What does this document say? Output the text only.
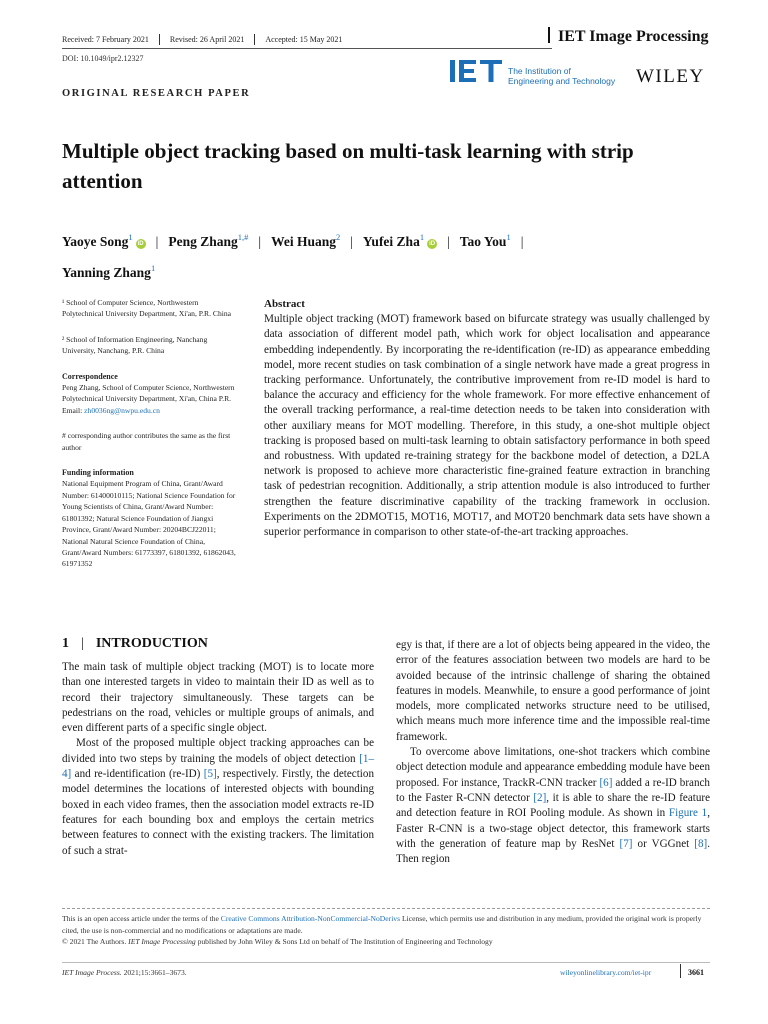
Received: 7 February 2021	Revised: 26 April 2021	Accepted: 15 May 2021	IET Image Processing
DOI: 10.1049/ipr2.12327
The Institution of
Engineering and Technology WILEY
ORIGINAL RESEARCH PAPER
Multiple object tracking based on multi-task learning with strip attention
Yaoye Song$^1$iD | Peng Zhang$^{1,\#}$ | Wei Huang$^2$ | Yufei Zha$^1$iD | Tao You$^1$ |
Yanning Zhang$^1$
¹ School of Computer Science, Northwestern Polytechnical University Department, Xi'an, P.R. China
² School of Information Engineering, Nanchang University, Nanchang, P.R. China
Correspondence
Peng Zhang, School of Computer Science, Northwestern Polytechnical University Department, Xi'an, China P.R.
Email: zh0036ng@nwpu.edu.cn
# corresponding author contributes the same as the first author
Funding information
National Equipment Program of China, Grant/Award Number: 61400010115; National Science Foundation for Young Scientists of China, Grant/Award Number: 61801392; Natural Science Foundation of Jiangxi Province, Grant/Award Number: 20204BCJ22011; National Natural Science Foundation of China, Grant/Award Numbers: 61773397, 61801392, 61862043, 61971352
Abstract

Multiple object tracking (MOT) framework based on bifurcate strategy was usually challenged by data association of different model path, which work for object localisation and appearance embedding independently. By incorporating the re-identification (re-ID) as appearance embedding model, more recent studies on task combination of a single network have made a great progress in tracking performance. Unfortunately, the contributive improvement from re-ID model is hard to balance the accuracy and efficiency for the whole framework. For more effective enhancement of the overall tracking performance, a real-time detection needs to be taken into consideration with other auxiliary means for MOT modelling. Therefore, in this study, a one-shot multiple object tracking is proposed based on multi-task learning to obtain satisfactory performance in both speed and robustness. With updated re-training strategy for the backbone model of detection, a D2LA network is proposed to achieve more characteristic fine-grained feature extraction in branching task of pedestrian recognition. Additionally, a strip attention module is also introduced to further strengthen the feature discriminative capability of the tracking framework in occlusion. Experiments on the 2DMOT15, MOT16, MOT17, and MOT20 benchmark data sets have shown a superior performance in comparison to other state-of-the-art tracking approaches.

1 | INTRODUCTION

The main task of multiple object tracking (MOT) is to locate more than one interested targets in video to maintain their ID as well as to record their trajectory simultaneously. These targets can be pedestrians on the road, vehicles or multiple groups of animals, and even different parts of a specific single object.

Most of the proposed multiple object tracking approaches can be divided into two steps by training the models of object detection [1–4] and re-identification (re-ID) [5], respectively. Firstly, the detection model determines the locations of interested objects with bounding boxed in each video frames, then the association model extracts re-ID features for each bounding box and employs the certain metrics between features to connect with the existing trackers. The limitation of such a strat-

egy is that, if there are a lot of objects being appeared in the video, the error of the features association between two models are hard to be avoided because of the intrinsic challenge of sharing the obtained features in models. Meanwhile, to ensure a good performance of joint models, more complicated networks structure need to be utilised, which means much more inference time and the impossible real-time framework.

To overcome above limitations, one-shot trackers which combine object detection module and appearance embedding module have been proposed. For instance, TrackR-CNN tracker [6] added a re-ID branch to the Faster R-CNN detector [2], it is able to share the re-ID feature and detection feature in ROI Pooling module. As shown in Figure 1, Faster R-CNN is a two-stage object detector, this framework starts with the generation of feature map by ResNet [7] or VGGnet [8]. Then region

This is an open access article under the terms of the Creative Commons Attribution-NonCommercial-NoDerivs License, which permits use and distribution in any medium, provided the original work is properly cited, the use is non-commercial and no modifications or adaptations are made.
© 2021 The Authors. IET Image Processing published by John Wiley & Sons Ltd on behalf of The Institution of Engineering and Technology
IET Image Process. 2021;15:3661–3673.	wileyonlinelibrary.com/iet-ipr	3661
